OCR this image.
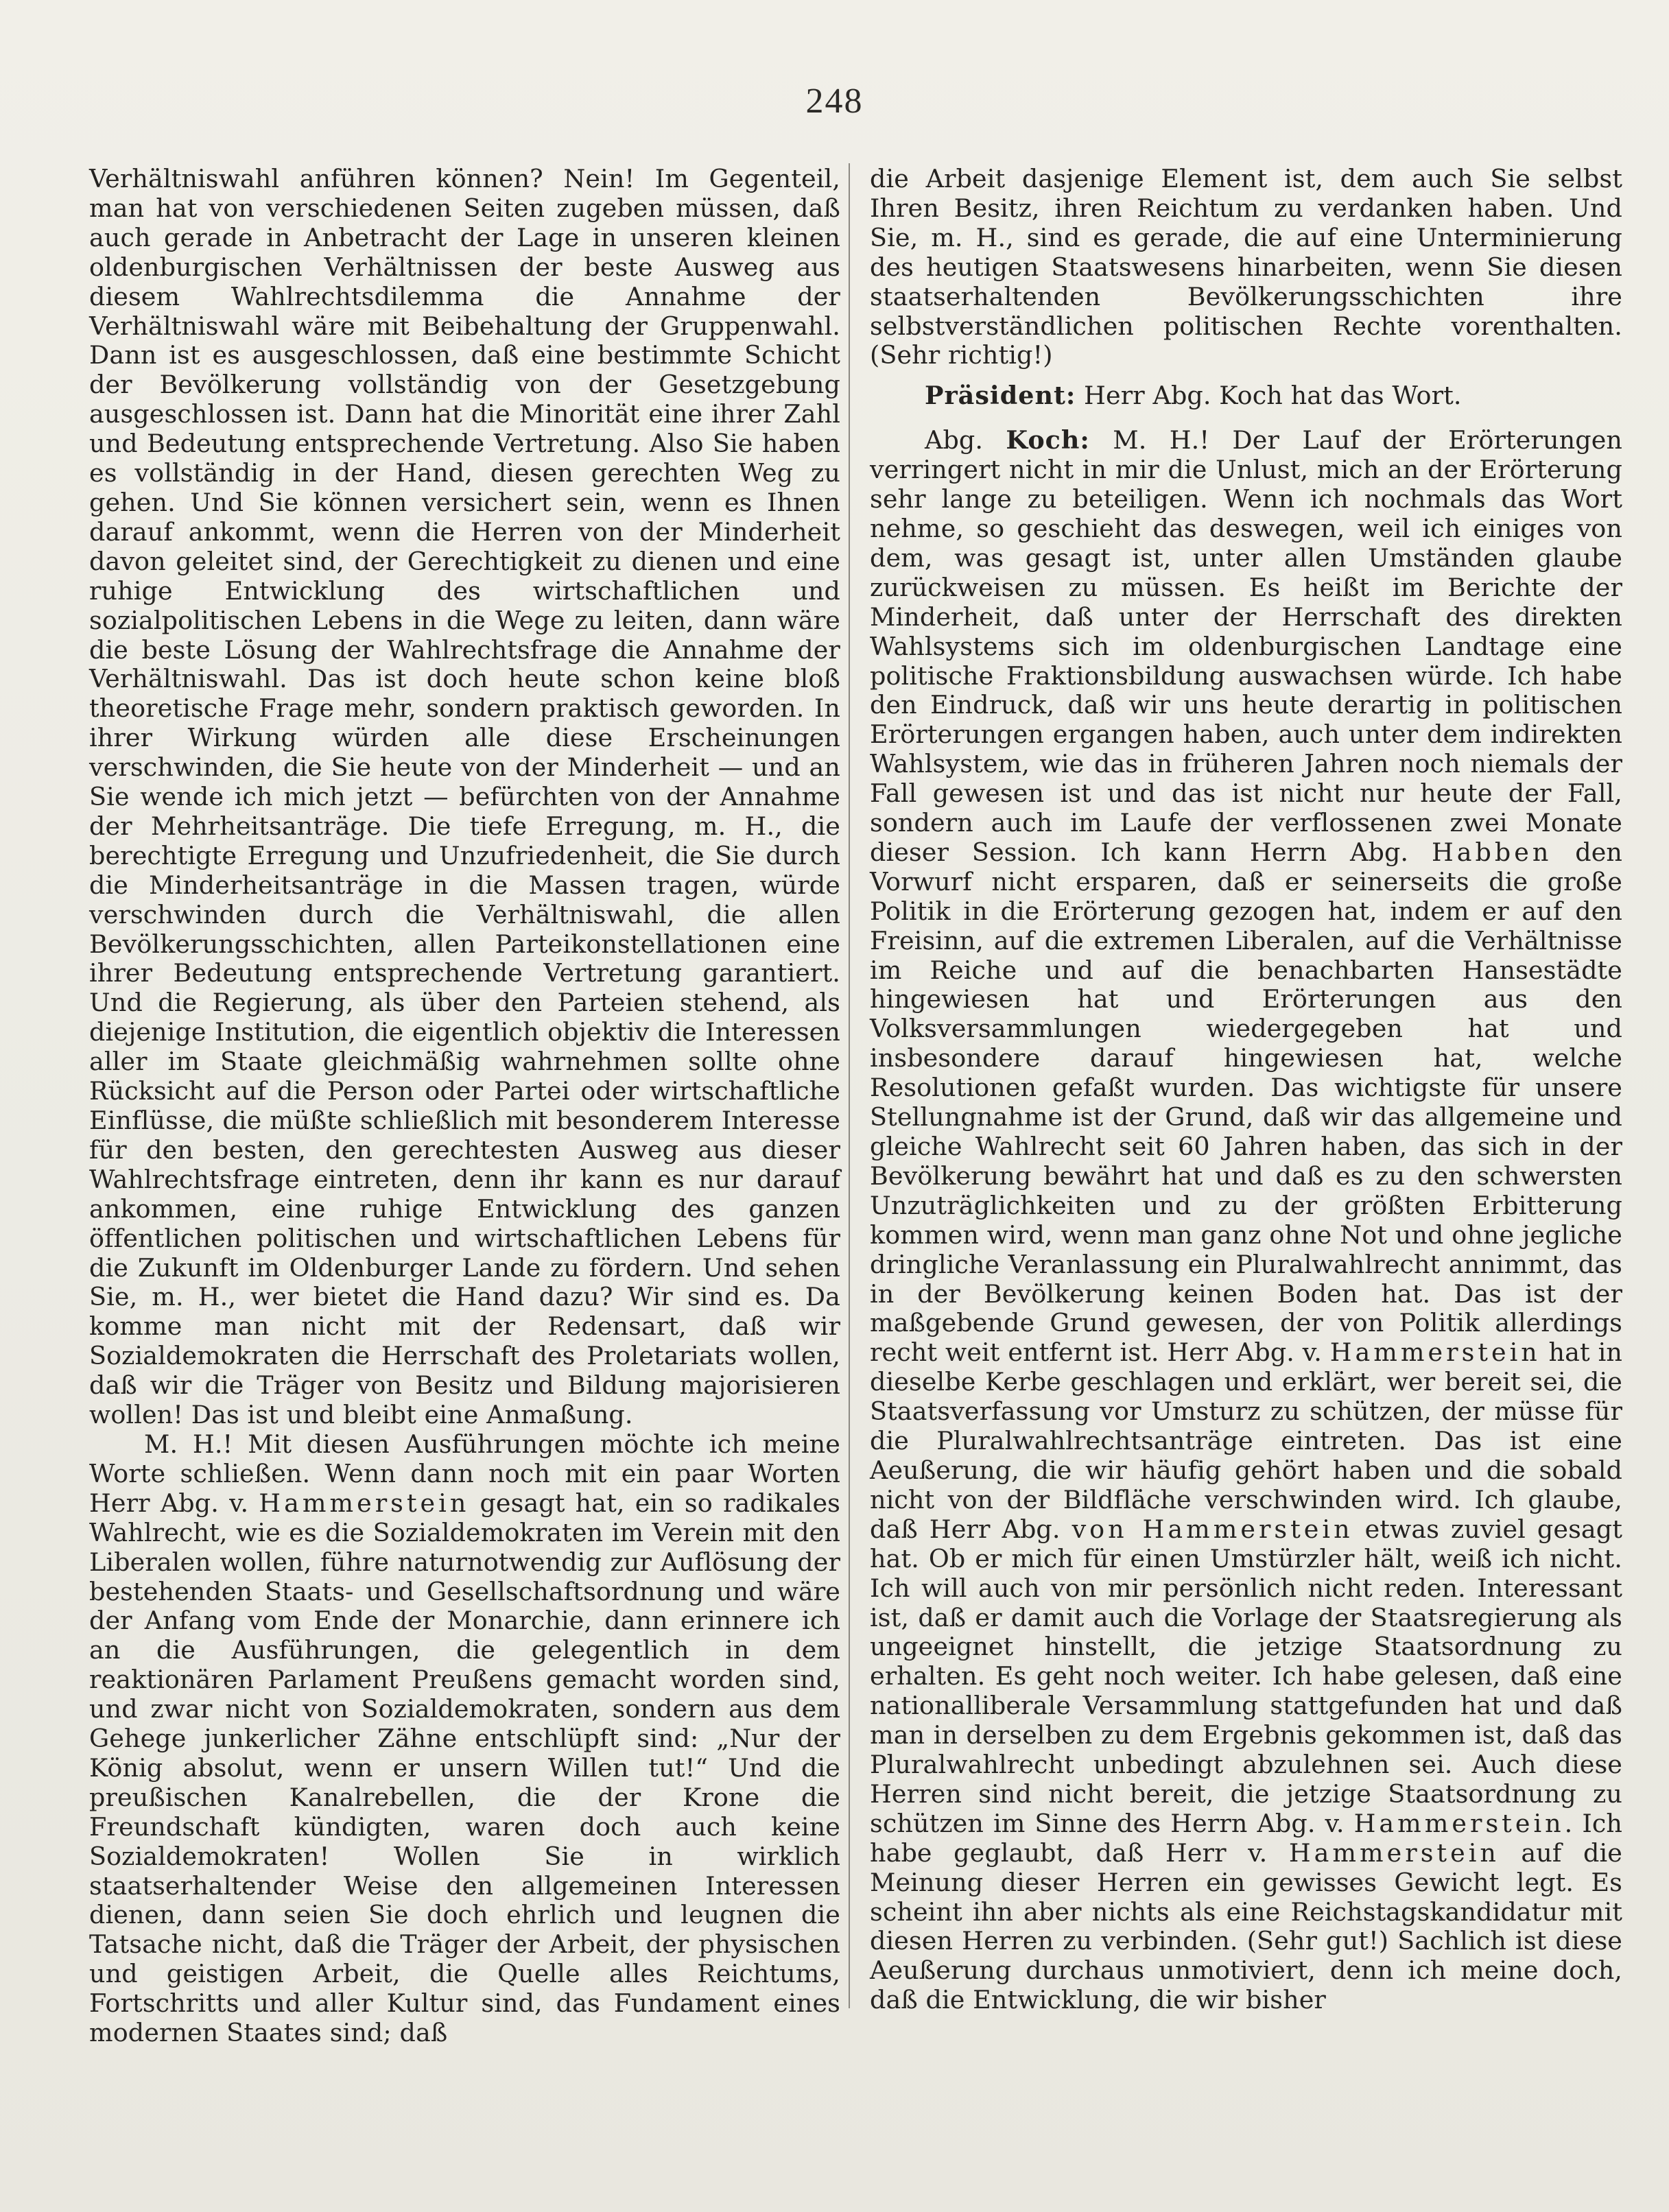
248

Verhältniswahl anführen können? Nein! Im Gegenteil, man hat von verschiedenen Seiten zugeben müssen, daß auch gerade in Anbetracht der Lage in unseren kleinen oldenburgischen Verhältnissen der beste Ausweg aus diesem Wahlrechtsdilemma die Annahme der Verhältniswahl wäre mit Beibehaltung der Gruppenwahl. Dann ist es ausgeschlossen, daß eine bestimmte Schicht der Bevölkerung vollständig von der Gesetzgebung ausgeschlossen ist. Dann hat die Minorität eine ihrer Zahl und Bedeutung entsprechende Vertretung. Also Sie haben es vollständig in der Hand, diesen gerechten Weg zu gehen. Und Sie können versichert sein, wenn es Ihnen darauf ankommt, wenn die Herren von der Minderheit davon geleitet sind, der Gerechtigkeit zu dienen und eine ruhige Entwicklung des wirtschaftlichen und sozialpolitischen Lebens in die Wege zu leiten, dann wäre die beste Lösung der Wahlrechtsfrage die Annahme der Verhältniswahl. Das ist doch heute schon keine bloß theoretische Frage mehr, sondern praktisch geworden. In ihrer Wirkung würden alle diese Erscheinungen verschwinden, die Sie heute von der Minderheit — und an Sie wende ich mich jetzt — befürchten von der Annahme der Mehrheitsanträge. Die tiefe Erregung, m. H., die berechtigte Erregung und Unzufriedenheit, die Sie durch die Minderheitsanträge in die Massen tragen, würde verschwinden durch die Verhältniswahl, die allen Bevölkerungsschichten, allen Parteikonstellationen eine ihrer Bedeutung entsprechende Vertretung garantiert. Und die Regierung, als über den Parteien stehend, als diejenige Institution, die eigentlich objektiv die Interessen aller im Staate gleichmäßig wahrnehmen sollte ohne Rücksicht auf die Person oder Partei oder wirtschaftliche Einflüsse, die müßte schließlich mit besonderem Interesse für den besten, den gerechtesten Ausweg aus dieser Wahlrechtsfrage eintreten, denn ihr kann es nur darauf ankommen, eine ruhige Entwicklung des ganzen öffentlichen politischen und wirtschaftlichen Lebens für die Zukunft im Oldenburger Lande zu fördern. Und sehen Sie, m. H., wer bietet die Hand dazu? Wir sind es. Da komme man nicht mit der Redensart, daß wir Sozialdemokraten die Herrschaft des Proletariats wollen, daß wir die Träger von Besitz und Bildung majorisieren wollen! Das ist und bleibt eine Anmaßung.

M. H.! Mit diesen Ausführungen möchte ich meine Worte schließen. Wenn dann noch mit ein paar Worten Herr Abg. v. Hammerstein gesagt hat, ein so radikales Wahlrecht, wie es die Sozialdemokraten im Verein mit den Liberalen wollen, führe naturnotwendig zur Auflösung der bestehenden Staats- und Gesellschaftsordnung und wäre der Anfang vom Ende der Monarchie, dann erinnere ich an die Ausführungen, die gelegentlich in dem reaktionären Parlament Preußens gemacht worden sind, und zwar nicht von Sozialdemokraten, sondern aus dem Gehege junkerlicher Zähne entschlüpft sind: „Nur der König absolut, wenn er unsern Willen tut!“ Und die preußischen Kanalrebellen, die der Krone die Freundschaft kündigten, waren doch auch keine Sozialdemokraten! Wollen Sie in wirklich staatserhaltender Weise den allgemeinen Interessen dienen, dann seien Sie doch ehrlich und leugnen die Tatsache nicht, daß die Träger der Arbeit, der physischen und geistigen Arbeit, die Quelle alles Reichtums, Fortschritts und aller Kultur sind, das Fundament eines modernen Staates sind; daß

die Arbeit dasjenige Element ist, dem auch Sie selbst Ihren Besitz, ihren Reichtum zu verdanken haben. Und Sie, m. H., sind es gerade, die auf eine Unterminierung des heutigen Staatswesens hinarbeiten, wenn Sie diesen staatserhaltenden Bevölkerungsschichten ihre selbstverständlichen politischen Rechte vorenthalten. (Sehr richtig!)

Präsident: Herr Abg. Koch hat das Wort.

Abg. Koch: M. H.! Der Lauf der Erörterungen verringert nicht in mir die Unlust, mich an der Erörterung sehr lange zu beteiligen. Wenn ich nochmals das Wort nehme, so geschieht das deswegen, weil ich einiges von dem, was gesagt ist, unter allen Umständen glaube zurückweisen zu müssen. Es heißt im Berichte der Minderheit, daß unter der Herrschaft des direkten Wahlsystems sich im oldenburgischen Landtage eine politische Fraktionsbildung auswachsen würde. Ich habe den Eindruck, daß wir uns heute derartig in politischen Erörterungen ergangen haben, auch unter dem indirekten Wahlsystem, wie das in früheren Jahren noch niemals der Fall gewesen ist und das ist nicht nur heute der Fall, sondern auch im Laufe der verflossenen zwei Monate dieser Session. Ich kann Herrn Abg. Habben den Vorwurf nicht ersparen, daß er seinerseits die große Politik in die Erörterung gezogen hat, indem er auf den Freisinn, auf die extremen Liberalen, auf die Verhältnisse im Reiche und auf die benachbarten Hansestädte hingewiesen hat und Erörterungen aus den Volksversammlungen wiedergegeben hat und insbesondere darauf hingewiesen hat, welche Resolutionen gefaßt wurden. Das wichtigste für unsere Stellungnahme ist der Grund, daß wir das allgemeine und gleiche Wahlrecht seit 60 Jahren haben, das sich in der Bevölkerung bewährt hat und daß es zu den schwersten Unzuträglichkeiten und zu der größten Erbitterung kommen wird, wenn man ganz ohne Not und ohne jegliche dringliche Veranlassung ein Pluralwahlrecht annimmt, das in der Bevölkerung keinen Boden hat. Das ist der maßgebende Grund gewesen, der von Politik allerdings recht weit entfernt ist. Herr Abg. v. Hammerstein hat in dieselbe Kerbe geschlagen und erklärt, wer bereit sei, die Staatsverfassung vor Umsturz zu schützen, der müsse für die Pluralwahlrechtsanträge eintreten. Das ist eine Aeußerung, die wir häufig gehört haben und die sobald nicht von der Bildfläche verschwinden wird. Ich glaube, daß Herr Abg. von Hammerstein etwas zuviel gesagt hat. Ob er mich für einen Umstürzler hält, weiß ich nicht. Ich will auch von mir persönlich nicht reden. Interessant ist, daß er damit auch die Vorlage der Staatsregierung als ungeeignet hinstellt, die jetzige Staatsordnung zu erhalten. Es geht noch weiter. Ich habe gelesen, daß eine nationalliberale Versammlung stattgefunden hat und daß man in derselben zu dem Ergebnis gekommen ist, daß das Pluralwahlrecht unbedingt abzulehnen sei. Auch diese Herren sind nicht bereit, die jetzige Staatsordnung zu schützen im Sinne des Herrn Abg. v. Hammerstein. Ich habe geglaubt, daß Herr v. Hammerstein auf die Meinung dieser Herren ein gewisses Gewicht legt. Es scheint ihn aber nichts als eine Reichstagskandidatur mit diesen Herren zu verbinden. (Sehr gut!) Sachlich ist diese Aeußerung durchaus unmotiviert, denn ich meine doch, daß die Entwicklung, die wir bisher
